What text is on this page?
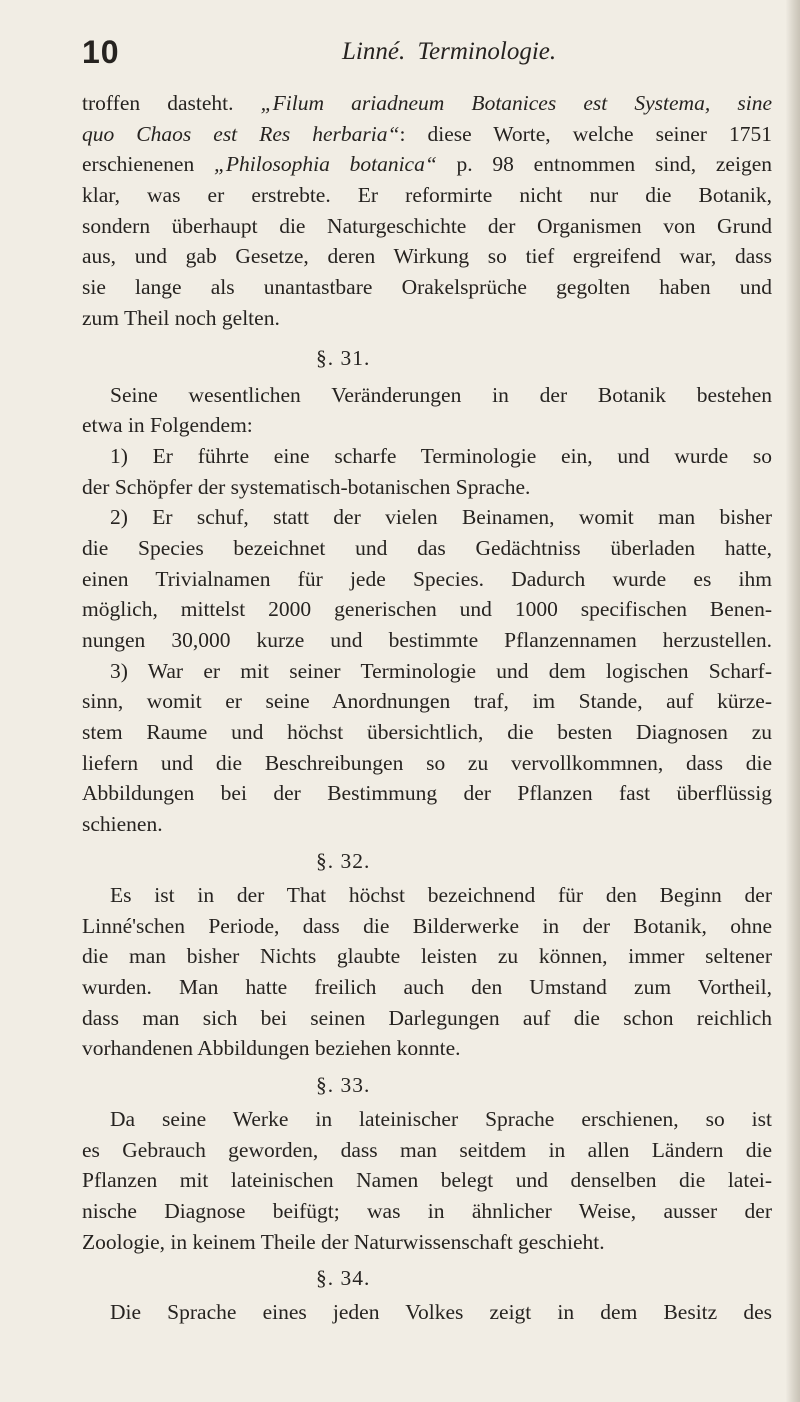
10	Linné. Terminologie.
troffen dasteht. „Filum ariadneum Botanices est Systema, sine
quo Chaos est Res herbaria“: diese Worte, welche seiner 1751
erschienenen „Philosophia botanica“ p. 98 entnommen sind, zeigen
klar, was er erstrebte. Er reformirte nicht nur die Botanik,
sondern überhaupt die Naturgeschichte der Organismen von Grund
aus, und gab Gesetze, deren Wirkung so tief ergreifend war, dass
sie lange als unantastbare Orakelsprüche gegolten haben und
zum Theil noch gelten.
§. 31.
Seine wesentlichen Veränderungen in der Botanik bestehen
etwa in Folgendem:
1) Er führte eine scharfe Terminologie ein, und wurde so
der Schöpfer der systematisch-botanischen Sprache.
2) Er schuf, statt der vielen Beinamen, womit man bisher
die Species bezeichnet und das Gedächtniss überladen hatte,
einen Trivialnamen für jede Species. Dadurch wurde es ihm
möglich, mittelst 2000 generischen und 1000 specifischen Benen-
nungen 30,000 kurze und bestimmte Pflanzennamen herzustellen.
3) War er mit seiner Terminologie und dem logischen Scharf-
sinn, womit er seine Anordnungen traf, im Stande, auf kürze-
stem Raume und höchst übersichtlich, die besten Diagnosen zu
liefern und die Beschreibungen so zu vervollkommnen, dass die
Abbildungen bei der Bestimmung der Pflanzen fast überflüssig
schienen.
§. 32.
Es ist in der That höchst bezeichnend für den Beginn der
Linné'schen Periode, dass die Bilderwerke in der Botanik, ohne
die man bisher Nichts glaubte leisten zu können, immer seltener
wurden. Man hatte freilich auch den Umstand zum Vortheil,
dass man sich bei seinen Darlegungen auf die schon reichlich
vorhandenen Abbildungen beziehen konnte.
§. 33.
Da seine Werke in lateinischer Sprache erschienen, so ist
es Gebrauch geworden, dass man seitdem in allen Ländern die
Pflanzen mit lateinischen Namen belegt und denselben die latei-
nische Diagnose beifügt; was in ähnlicher Weise, ausser der
Zoologie, in keinem Theile der Naturwissenschaft geschieht.
§. 34.
Die Sprache eines jeden Volkes zeigt in dem Besitz des
